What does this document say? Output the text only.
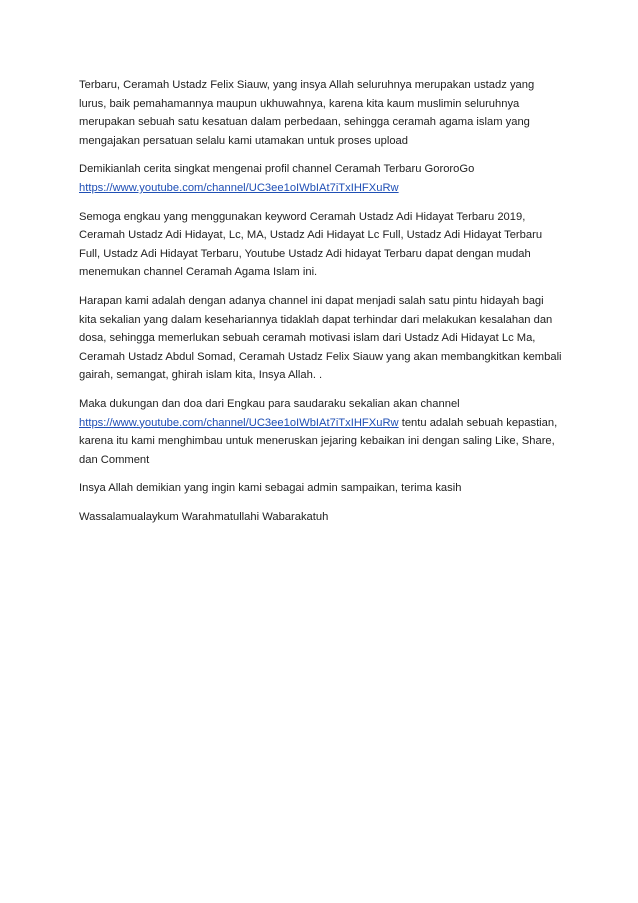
Terbaru, Ceramah Ustadz Felix Siauw, yang insya Allah seluruhnya merupakan ustadz yang lurus, baik pemahamannya maupun ukhuwahnya, karena kita kaum muslimin seluruhnya merupakan sebuah satu kesatuan dalam perbedaan, sehingga ceramah agama islam yang mengajakan persatuan selalu kami utamakan untuk proses upload

Demikianlah cerita singkat mengenai profil channel Ceramah Terbaru GororoGo
https://www.youtube.com/channel/UC3ee1oIWbIAt7iTxIHFXuRw

Semoga engkau yang menggunakan keyword Ceramah Ustadz Adi Hidayat Terbaru 2019, Ceramah Ustadz Adi Hidayat, Lc, MA, Ustadz Adi Hidayat Lc Full, Ustadz Adi Hidayat Terbaru Full, Ustadz Adi Hidayat Terbaru, Youtube Ustadz Adi hidayat Terbaru dapat dengan mudah menemukan channel Ceramah Agama Islam ini.

Harapan kami adalah dengan adanya channel ini dapat menjadi salah satu pintu hidayah bagi kita sekalian yang dalam kesehariannya tidaklah dapat terhindar dari melakukan kesalahan dan dosa, sehingga memerlukan sebuah ceramah motivasi islam dari Ustadz Adi Hidayat Lc Ma, Ceramah Ustadz Abdul Somad, Ceramah Ustadz Felix Siauw yang akan membangkitkan kembali gairah, semangat, ghirah islam kita, Insya Allah. .

Maka dukungan dan doa dari Engkau para saudaraku sekalian akan channel https://www.youtube.com/channel/UC3ee1oIWbIAt7iTxIHFXuRw tentu adalah sebuah kepastian, karena itu kami menghimbau untuk meneruskan jejaring kebaikan ini dengan saling Like, Share, dan Comment

Insya Allah demikian yang ingin kami sebagai admin sampaikan, terima kasih

Wassalamualaykum Warahmatullahi Wabarakatuh
